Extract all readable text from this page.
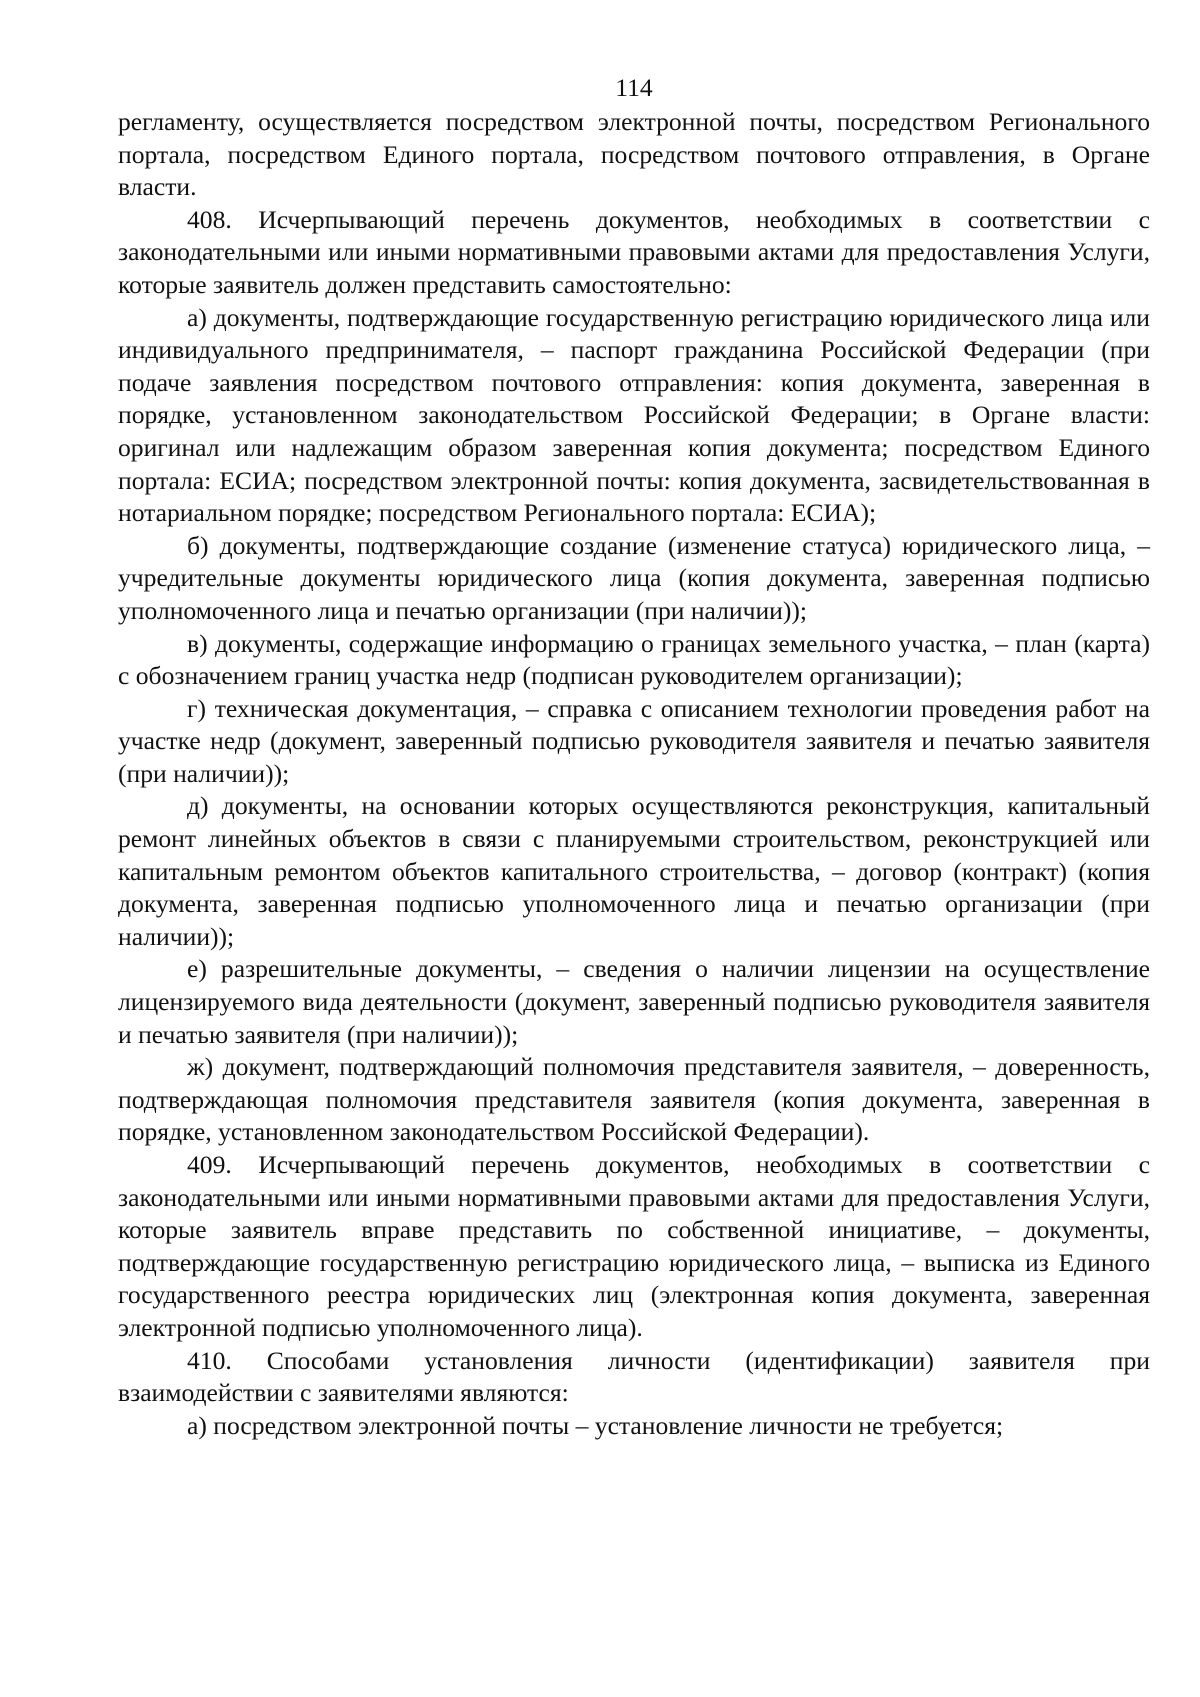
114

регламенту, осуществляется посредством электронной почты, посредством Регионального портала, посредством Единого портала, посредством почтового отправления, в Органе власти.

408. Исчерпывающий перечень документов, необходимых в соответствии с законодательными или иными нормативными правовыми актами для предоставления Услуги, которые заявитель должен представить самостоятельно:

а) документы, подтверждающие государственную регистрацию юридического лица или индивидуального предпринимателя, – паспорт гражданина Российской Федерации (при подаче заявления посредством почтового отправления: копия документа, заверенная в порядке, установленном законодательством Российской Федерации; в Органе власти: оригинал или надлежащим образом заверенная копия документа; посредством Единого портала: ЕСИА; посредством электронной почты: копия документа, засвидетельствованная в нотариальном порядке; посредством Регионального портала: ЕСИА);

б) документы, подтверждающие создание (изменение статуса) юридического лица, – учредительные документы юридического лица (копия документа, заверенная подписью уполномоченного лица и печатью организации (при наличии));

в) документы, содержащие информацию о границах земельного участка, – план (карта) с обозначением границ участка недр (подписан руководителем организации);

г) техническая документация, – справка с описанием технологии проведения работ на участке недр (документ, заверенный подписью руководителя заявителя и печатью заявителя (при наличии));

д) документы, на основании которых осуществляются реконструкция, капитальный ремонт линейных объектов в связи с планируемыми строительством, реконструкцией или капитальным ремонтом объектов капитального строительства, – договор (контракт) (копия документа, заверенная подписью уполномоченного лица и печатью организации (при наличии));

е) разрешительные документы, – сведения о наличии лицензии на осуществление лицензируемого вида деятельности (документ, заверенный подписью руководителя заявителя и печатью заявителя (при наличии));

ж) документ, подтверждающий полномочия представителя заявителя, – доверенность, подтверждающая полномочия представителя заявителя (копия документа, заверенная в порядке, установленном законодательством Российской Федерации).

409. Исчерпывающий перечень документов, необходимых в соответствии с законодательными или иными нормативными правовыми актами для предоставления Услуги, которые заявитель вправе представить по собственной инициативе, – документы, подтверждающие государственную регистрацию юридического лица, – выписка из Единого государственного реестра юридических лиц (электронная копия документа, заверенная электронной подписью уполномоченного лица).

410. Способами установления личности (идентификации) заявителя при взаимодействии с заявителями являются:

а) посредством электронной почты – установление личности не требуется;
